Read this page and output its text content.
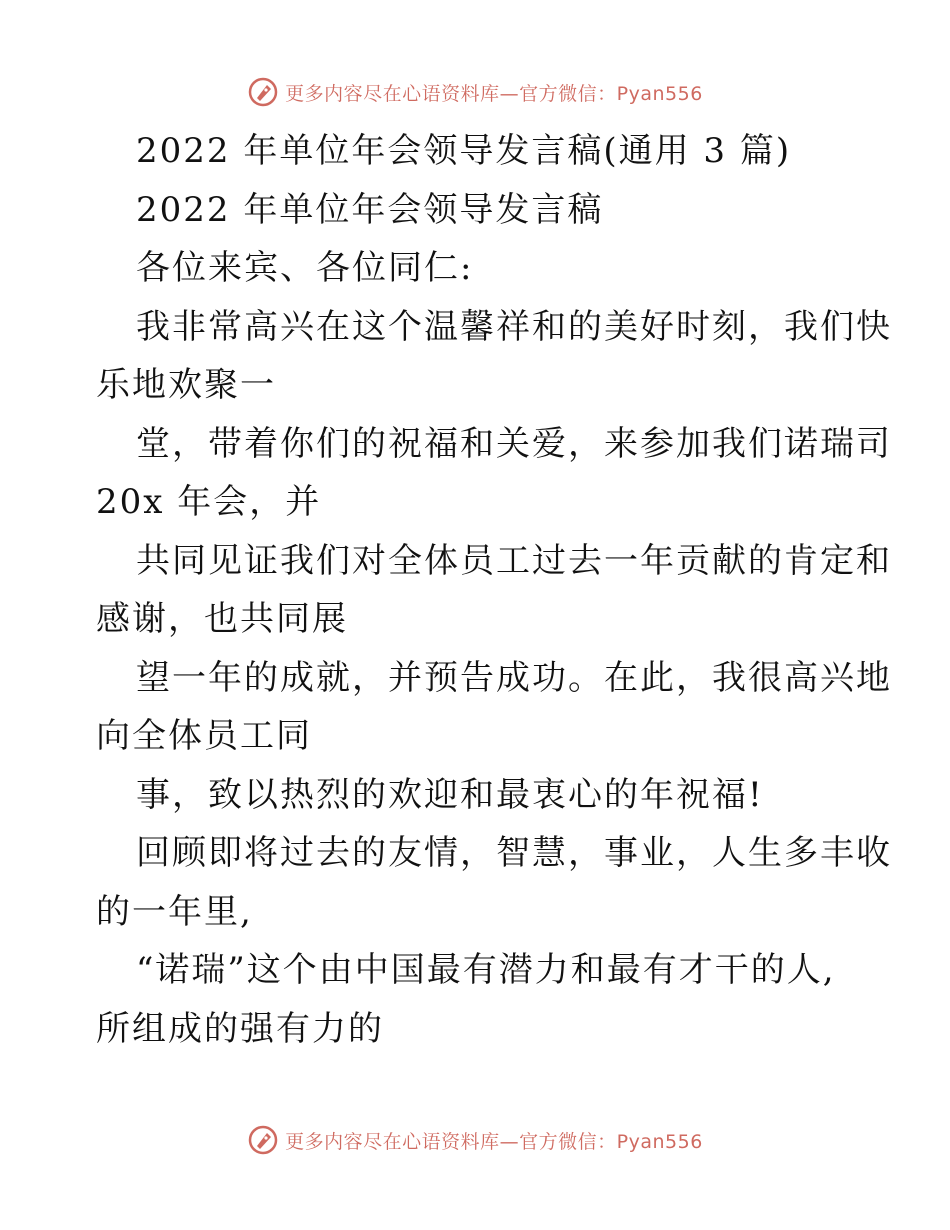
更多内容尽在心语资料库—官方微信：Pyan556
2022 年单位年会领导发言稿(通用 3 篇)
2022 年单位年会领导发言稿
各位来宾、各位同仁:
我非常高兴在这个温馨祥和的美好时刻，我们快
乐地欢聚一
堂，带着你们的祝福和关爱，来参加我们诺瑞司
20x 年会，并
共同见证我们对全体员工过去一年贡献的肯定和
感谢，也共同展
望一年的成就，并预告成功。在此，我很高兴地
向全体员工同
事，致以热烈的欢迎和最衷心的年祝福!
回顾即将过去的友情，智慧，事业，人生多丰收
的一年里,
“诺瑞”这个由中国最有潜力和最有才干的人,
所组成的强有力的
更多内容尽在心语资料库—官方微信：Pyan556
